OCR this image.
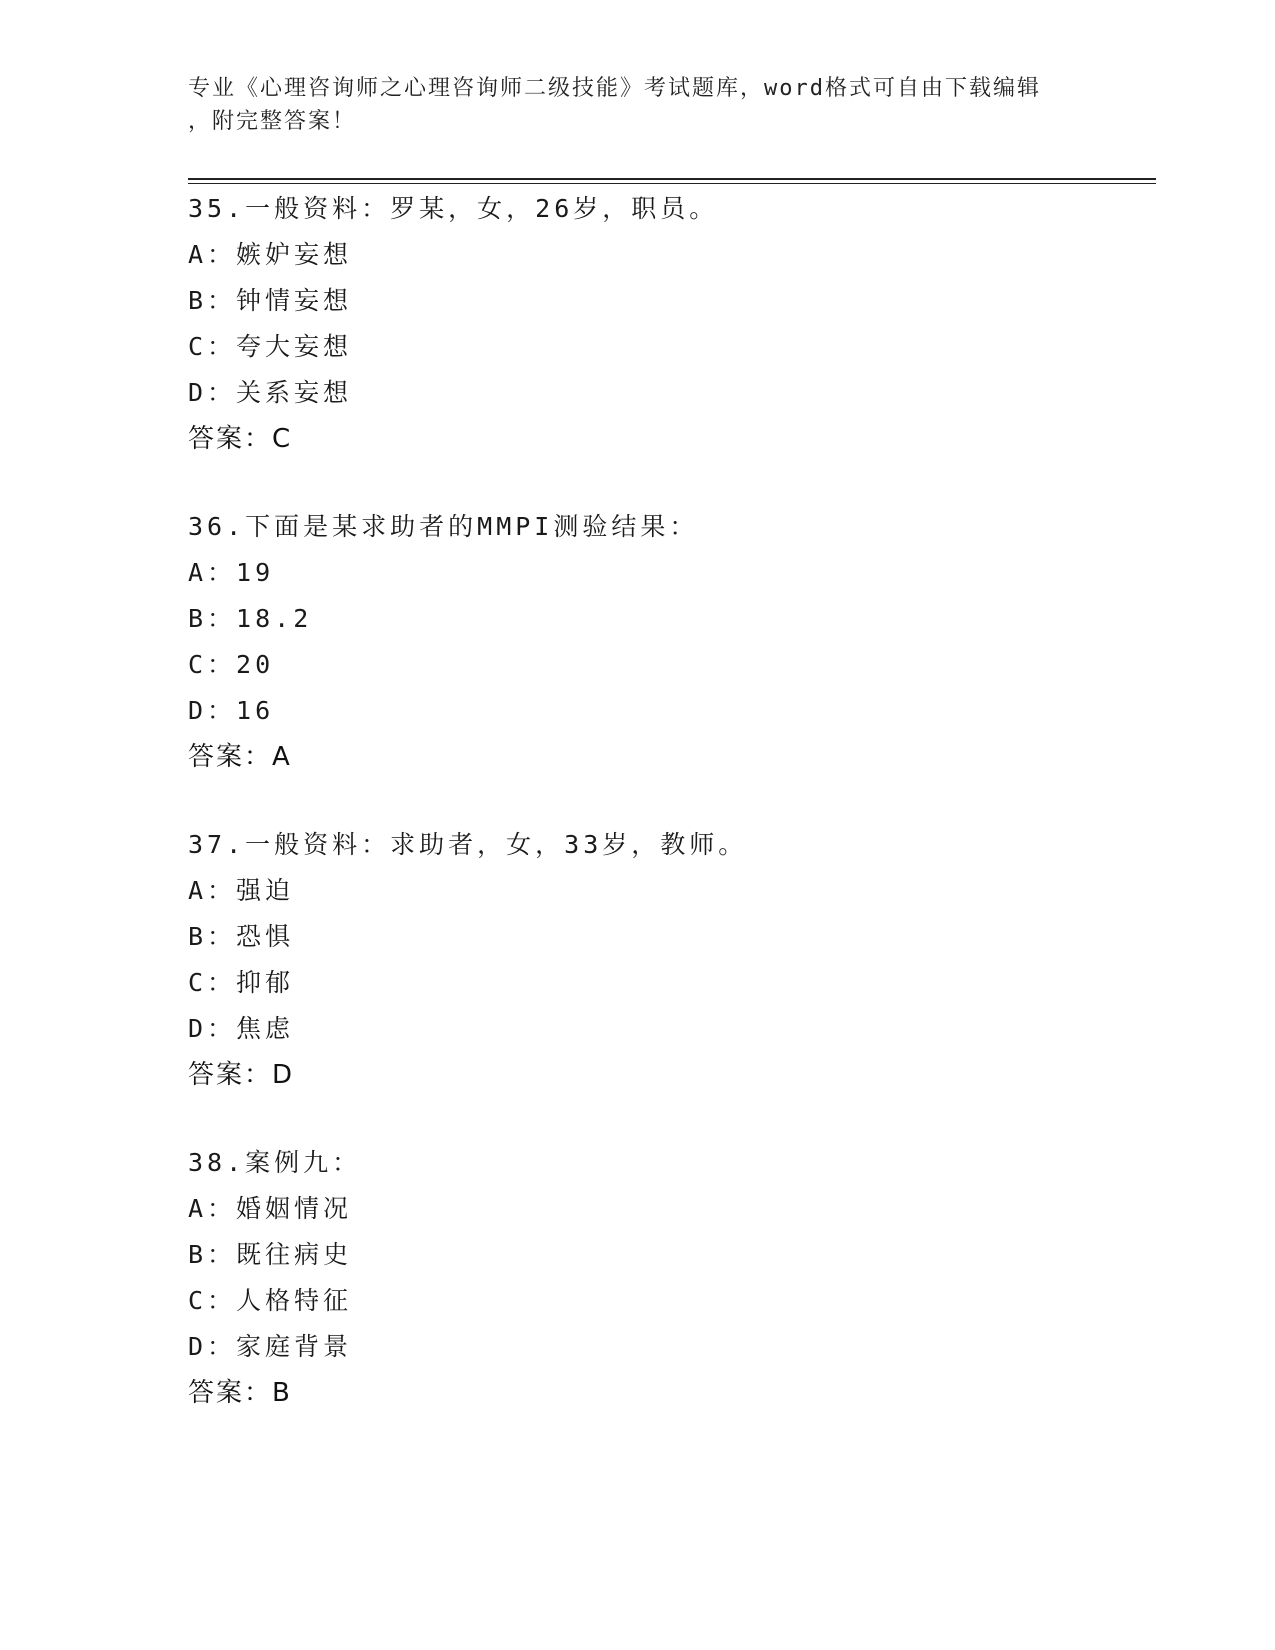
专业《心理咨询师之心理咨询师二级技能》考试题库，word格式可自由下载编辑
，附完整答案！
35.一般资料：罗某，女，26岁，职员。
A：嫉妒妄想
B：钟情妄想
C：夸大妄想
D：关系妄想
答案：C
36.下面是某求助者的MMPI测验结果：
A：19
B：18.2
C：20
D：16
答案：A
37.一般资料：求助者，女，33岁，教师。
A：强迫
B：恐惧
C：抑郁
D：焦虑
答案：D
38.案例九：
A：婚姻情况
B：既往病史
C：人格特征
D：家庭背景
答案：B
